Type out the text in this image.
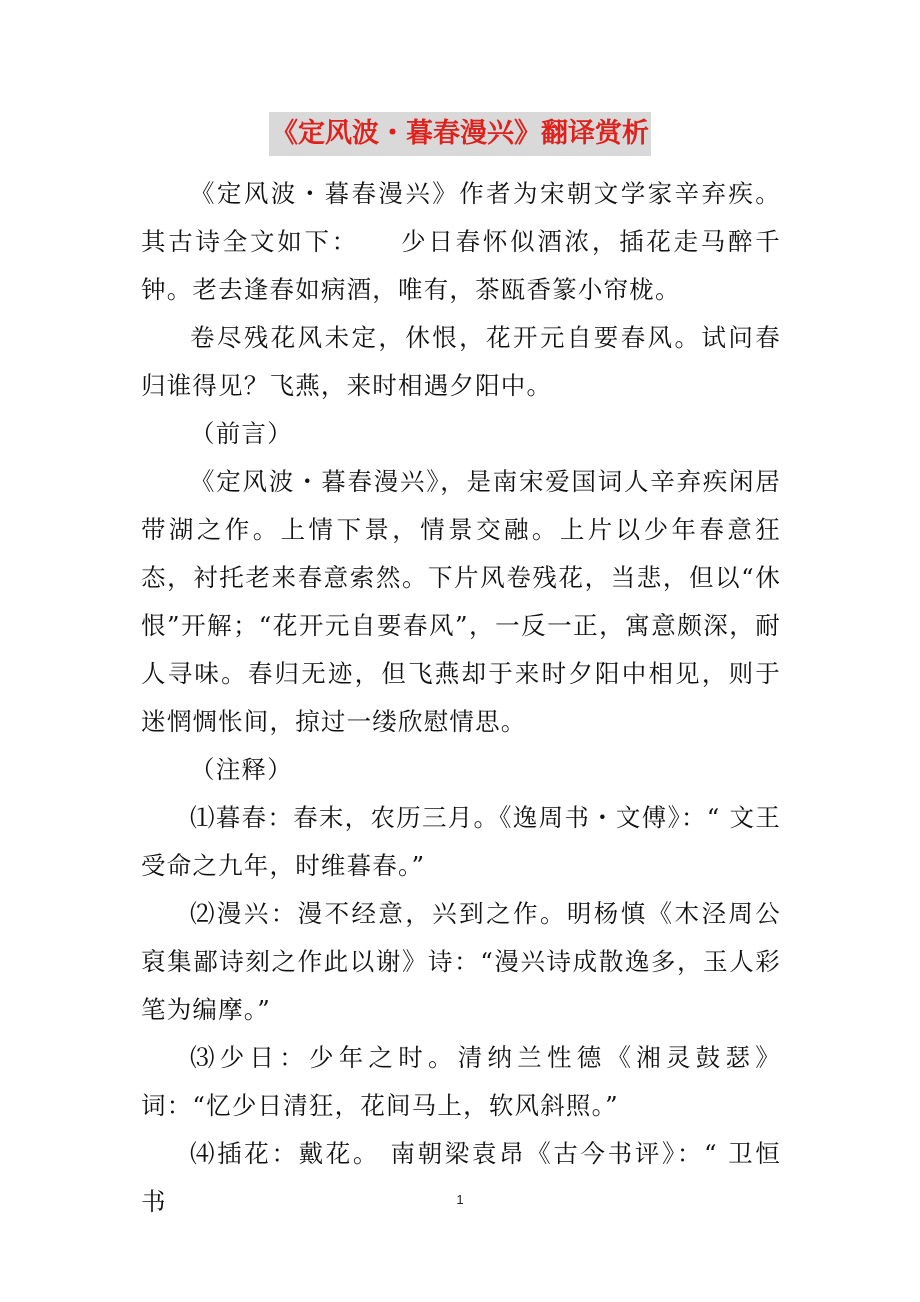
《定风波・暮春漫兴》翻译赏析

《定风波・暮春漫兴》作者为宋朝文学家辛弃疾。其古诗全文如下：　　少日春怀似酒浓，插花走马醉千钟。老去逢春如病酒，唯有，茶瓯香篆小帘栊。

卷尽残花风未定，休恨，花开元自要春风。试问春归谁得见？飞燕，来时相遇夕阳中。

（前言）

《定风波・暮春漫兴》，是南宋爱国词人辛弃疾闲居带湖之作。上情下景，情景交融。上片以少年春意狂态，衬托老来春意索然。下片风卷残花，当悲，但以“休恨”开解；“花开元自要春风”，一反一正，寓意颇深，耐人寻味。春归无迹，但飞燕却于来时夕阳中相见，则于迷惘惆怅间，掠过一缕欣慰情思。

（注释）

⑴暮春：春末，农历三月。《逸周书・文傅》：“ 文王受命之九年，时维暮春。”

⑵漫兴：漫不经意，兴到之作。明杨慎《木泾周公裒集鄙诗刻之作此以谢》诗：“漫兴诗成散逸多，玉人彩笔为编摩。”

⑶少日：少年之时。清纳兰性德《湘灵鼓瑟》词：“忆少日清狂，花间马上，软风斜照。”

⑷插花：戴花。 南朝梁袁昂《古今书评》：“ 卫恒 书	1
